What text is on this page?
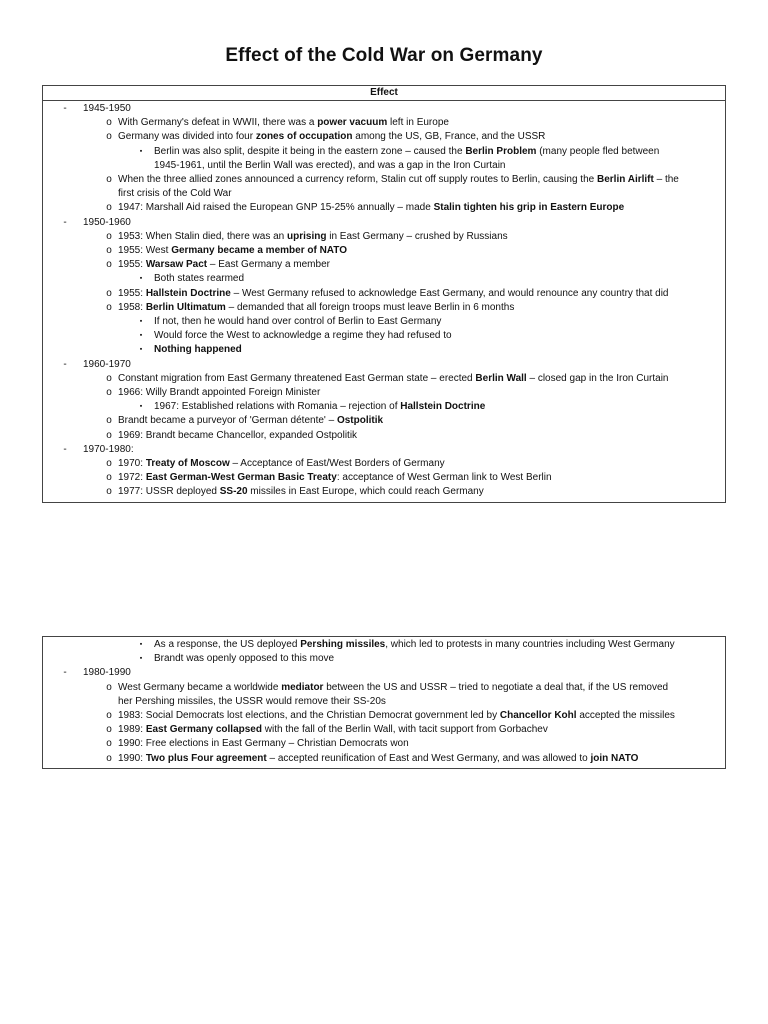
Effect of the Cold War on Germany
Effect
-	1945-1950
o With Germany's defeat in WWII, there was a power vacuum left in Europe
o Germany was divided into four zones of occupation among the US, GB, France, and the USSR
▪	Berlin was also split, despite it being in the eastern zone – caused the Berlin Problem (many people fled between
1945-1961, until the Berlin Wall was erected), and was a gap in the Iron Curtain
o When the three allied zones announced a currency reform, Stalin cut off supply routes to Berlin, causing the Berlin Airlift – the
first crisis of the Cold War
o 1947: Marshall Aid raised the European GNP 15-25% annually – made Stalin tighten his grip in Eastern Europe
-	1950-1960
o 1953: When Stalin died, there was an uprising in East Germany – crushed by Russians
o 1955: West Germany became a member of NATO
o 1955: Warsaw Pact – East Germany a member
▪	Both states rearmed
o 1955: Hallstein Doctrine – West Germany refused to acknowledge East Germany, and would renounce any country that did
o 1958: Berlin Ultimatum – demanded that all foreign troops must leave Berlin in 6 months
▪	If not, then he would hand over control of Berlin to East Germany
▪	Would force the West to acknowledge a regime they had refused to
▪	Nothing happened
-	1960-1970
o Constant migration from East Germany threatened East German state – erected Berlin Wall – closed gap in the Iron Curtain
o 1966: Willy Brandt appointed Foreign Minister
▪	1967: Established relations with Romania – rejection of Hallstein Doctrine
o Brandt became a purveyor of 'German détente' – Ostpolitik
o 1969: Brandt became Chancellor, expanded Ostpolitik
-	1970-1980:
o 1970: Treaty of Moscow – Acceptance of East/West Borders of Germany
o 1972: East German-West German Basic Treaty: acceptance of West German link to West Berlin
o 1977: USSR deployed SS-20 missiles in East Europe, which could reach Germany
▪	As a response, the US deployed Pershing missiles, which led to protests in many countries including West Germany
▪	Brandt was openly opposed to this move
-	1980-1990
o West Germany became a worldwide mediator between the US and USSR – tried to negotiate a deal that, if the US removed
her Pershing missiles, the USSR would remove their SS-20s
o 1983: Social Democrats lost elections, and the Christian Democrat government led by Chancellor Kohl accepted the missiles
o 1989: East Germany collapsed with the fall of the Berlin Wall, with tacit support from Gorbachev
o 1990: Free elections in East Germany – Christian Democrats won
o 1990: Two plus Four agreement – accepted reunification of East and West Germany, and was allowed to join NATO
